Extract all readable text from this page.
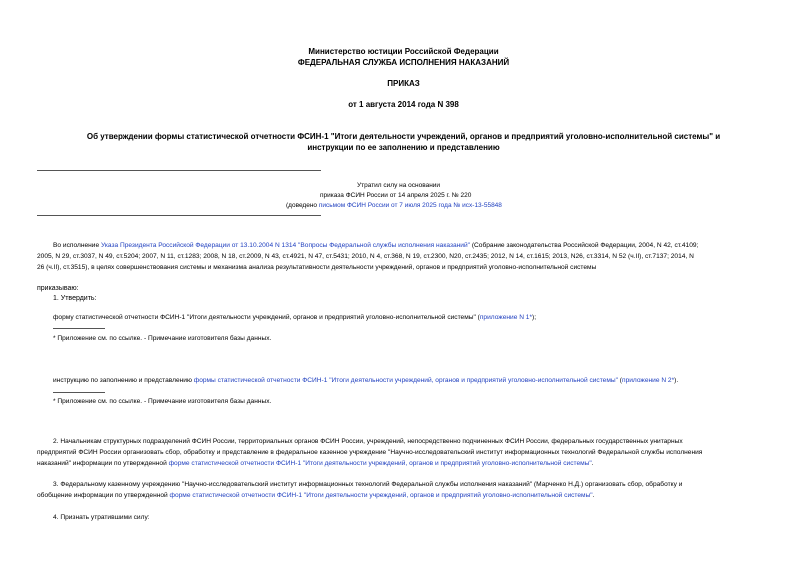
Министерство юстиции Российской Федерации
ФЕДЕРАЛЬНАЯ СЛУЖБА ИСПОЛНЕНИЯ НАКАЗАНИЙ
ПРИКАЗ
от 1 августа 2014 года N 398
Об утверждении формы статистической отчетности ФСИН-1 "Итоги деятельности учреждений, органов и предприятий уголовно-исполнительной системы" и
инструкции по ее заполнению и представлению
Утратил силу на основании
приказа ФСИН России от 14 апреля 2025 г. № 220
(доведено письмом ФСИН России от 7 июля 2025 года № исх-13-55848
Во исполнение Указа Президента Российской Федерации от 13.10.2004 N 1314 "Вопросы Федеральной службы исполнения наказаний" (Собрание законодательства Российской Федерации, 2004, N 42, ст.4109;
2005, N 29, ст.3037, N 49, ст.5204; 2007, N 11, ст.1283; 2008, N 18, ст.2009, N 43, ст.4921, N 47, ст.5431; 2010, N 4, ст.368, N 19, ст.2300, N20, ст.2435; 2012, N 14, ст.1615; 2013, N26, ст.3314, N 52 (ч.II), ст.7137; 2014, N
26 (ч.II), ст.3515), в целях совершенствования системы и механизма анализа результативности деятельности учреждений, органов и предприятий уголовно-исполнительной системы
приказываю:
1. Утвердить:
форму статистической отчетности ФСИН-1 "Итоги деятельности учреждений, органов и предприятий уголовно-исполнительной системы" (приложение N 1*);
* Приложение см. по ссылке. - Примечание изготовителя базы данных.
инструкцию по заполнению и представлению формы статистической отчетности ФСИН-1 "Итоги деятельности учреждений, органов и предприятий уголовно-исполнительной системы" (приложение N 2*).
* Приложение см. по ссылке. - Примечание изготовителя базы данных.
2. Начальникам структурных подразделений ФСИН России, территориальных органов ФСИН России, учреждений, непосредственно подчиненных ФСИН России, федеральных государственных унитарных
предприятий ФСИН России организовать сбор, обработку и представление в федеральное казенное учреждение "Научно-исследовательский институт информационных технологий Федеральной службы исполнения
наказаний" информации по утвержденной форме статистической отчетности ФСИН-1 "Итоги деятельности учреждений, органов и предприятий уголовно-исполнительной системы".
3. Федеральному казенному учреждению "Научно-исследовательский институт информационных технологий Федеральной службы исполнения наказаний" (Марченко Н.Д.) организовать сбор, обработку и
обобщение информации по утвержденной форме статистической отчетности ФСИН-1 "Итоги деятельности учреждений, органов и предприятий уголовно-исполнительной системы".
4. Признать утратившими силу:
